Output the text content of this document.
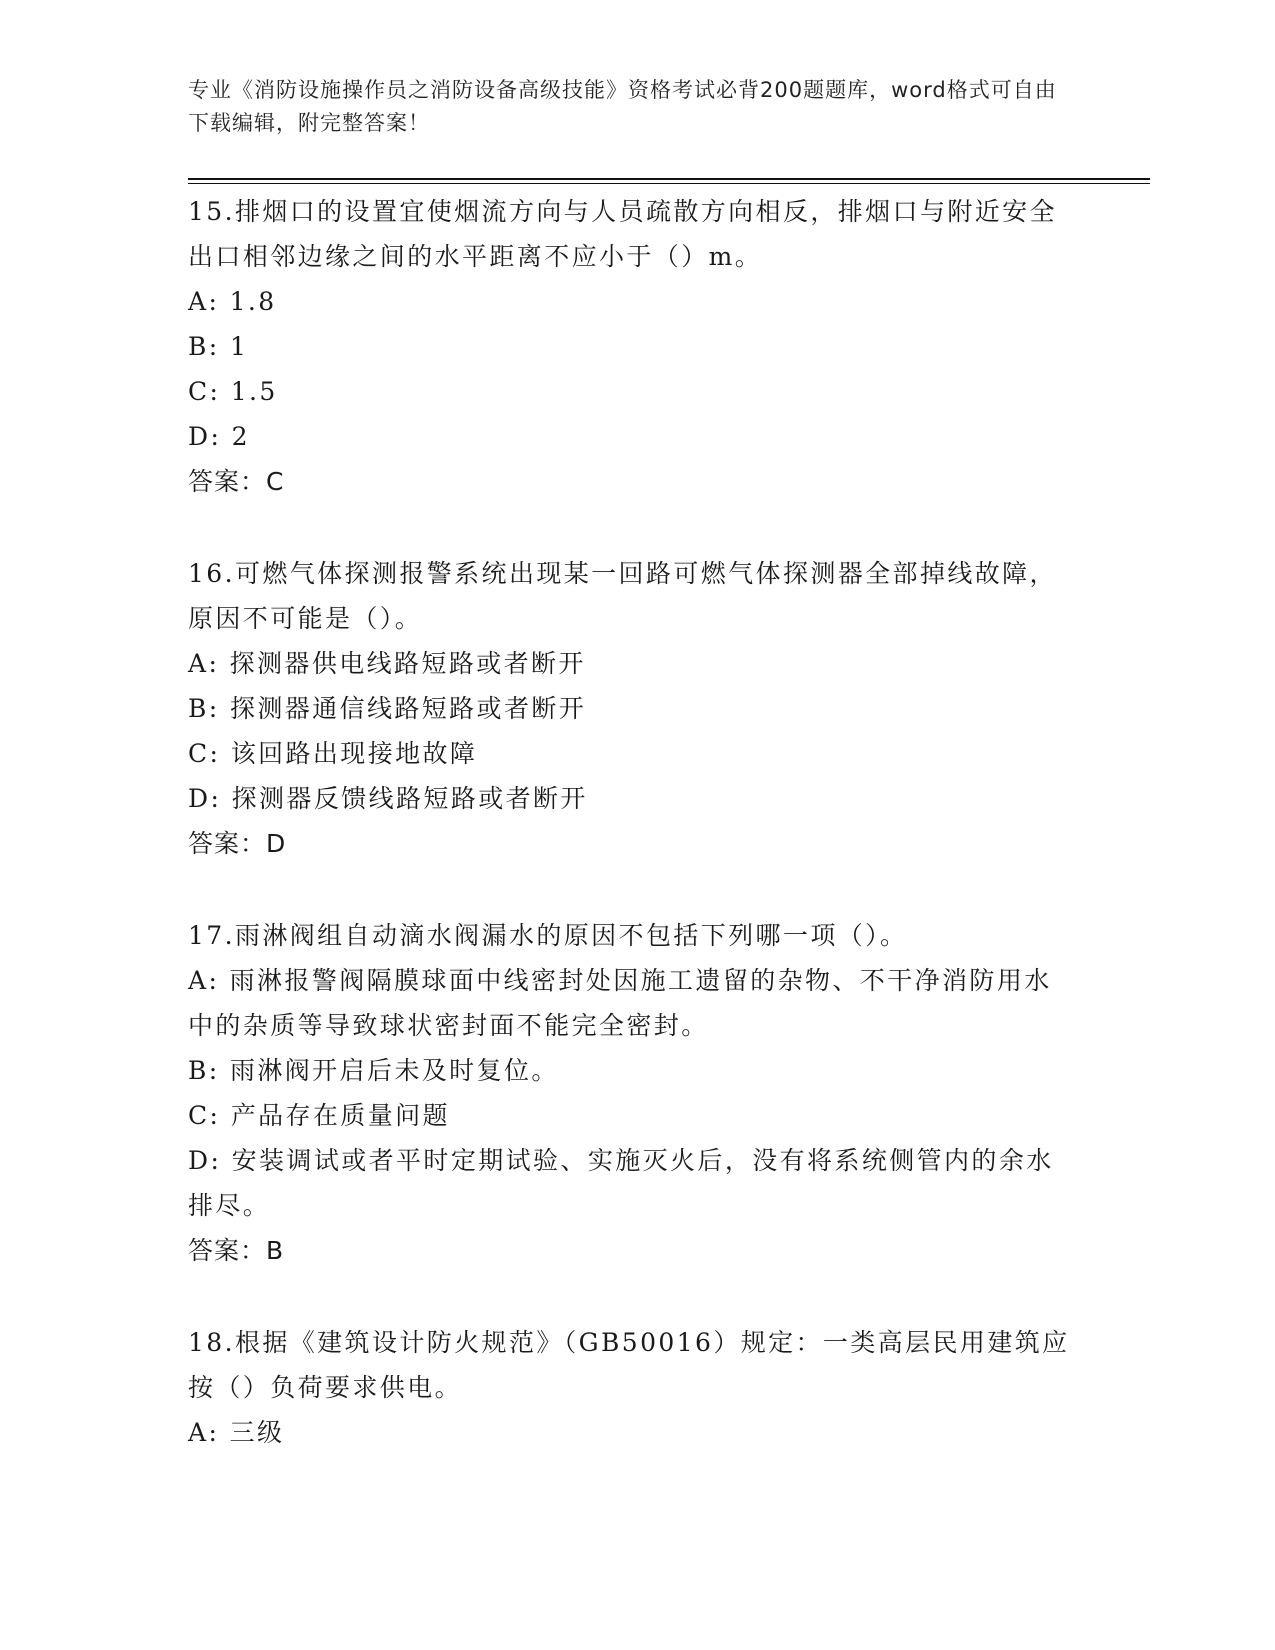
专业《消防设施操作员之消防设备高级技能》资格考试必背200题题库，word格式可自由下载编辑，附完整答案！

15.排烟口的设置宜使烟流方向与人员疏散方向相反，排烟口与附近安全出口相邻边缘之间的水平距离不应小于（）m。

A: 1.8

B: 1

C: 1.5

D: 2

答案：C

16.可燃气体探测报警系统出现某一回路可燃气体探测器全部掉线故障，原因不可能是（）。

A: 探测器供电线路短路或者断开

B: 探测器通信线路短路或者断开

C: 该回路出现接地故障

D: 探测器反馈线路短路或者断开

答案：D

17.雨淋阀组自动滴水阀漏水的原因不包括下列哪一项（）。

A: 雨淋报警阀隔膜球面中线密封处因施工遗留的杂物、不干净消防用水中的杂质等导致球状密封面不能完全密封。

B: 雨淋阀开启后未及时复位。

C: 产品存在质量问题

D: 安装调试或者平时定期试验、实施灭火后，没有将系统侧管内的余水排尽。

答案：B

18.根据《建筑设计防火规范》（GB50016）规定：一类高层民用建筑应按（）负荷要求供电。

A: 三级
